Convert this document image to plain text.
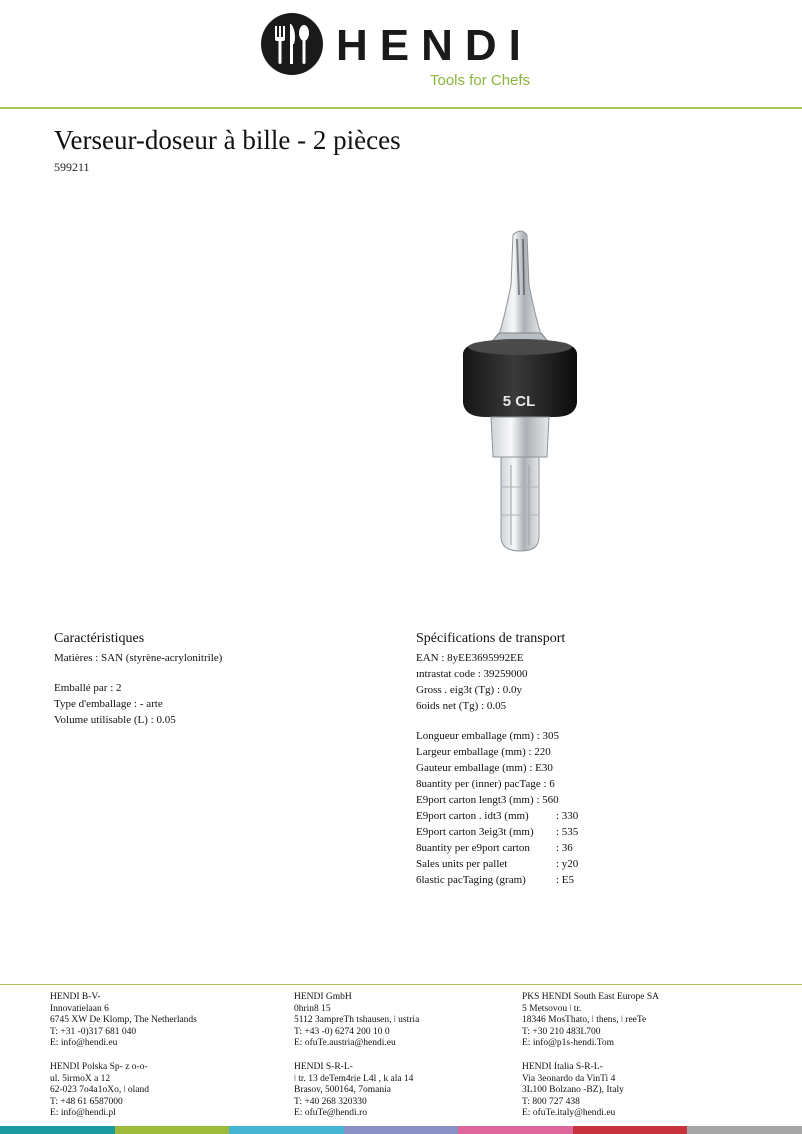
HENDI
Tools for Chefs
Verseur-doseur à bille - 2 pièces
599211
5 CL
Caractéristiques
Matières : SAN (styrène-acrylonitrile)
Emballé par : 2
Type d'emballage : - arte
Volume utilisable (L) : 0.05
Spécifications de transport
EAN : 8yEE3695992EE
ɪntrastat code : 39259000
Gross . eig3t (Tg) : 0.0y
6oids net (Tg) : 0.05
Longueur emballage (mm) : 305
Largeur emballage (mm) : 220
Gauteur emballage (mm) : E30
8uantity per (inner) pacTage : 6
E9port carton lengt3 (mm) : 560
E9port carton . idt3 (mm) : 330
E9port carton 3eig3t (mm) : 535
8uantity per e9port carton : 36
Sales units per pallet	: y20
6lastic pacTaging (gram)	: E5
HENDI B-V-
Innovatielaan 6
6745 XW De Klomp, The Netherlands
T: +31 -0)317 681 040
E: info@hendi.eu
HENDI GmbH
0hrin8 15
5112 3ampreTh tshausen, ǀ ustria
T: +43 -0) 6274 200 10 0
E: ofuTe.austria@hendi.eu
PKS HENDI South East Europe SA
5 Metsovou ǀ tr.
18346 MosThato, ǀ thens, ǀ reeTe
T: +30 210 483L700
E: info@p1s-hendi.Tom
HENDI Polska Sp- z o-o-
ul. 5irmoX a 12
62-023 7o4a1oXo, ǀ oland
T: +48 61 6587000
E: info@hendi.pl
HENDI S-R-L-
ǀ tr. 13 deTem4rie L4l , k ala 14
Brasov, 500164, 7omania
T: +40 268 320330
E: ofuTe@hendi.ro
HENDI Italia S-R-L-
Via 3eonardo da VinTi 4
3L100 Bolzano -BZ), Italy
T: 800 727 438
E: ofuTe.italy@hendi.eu
